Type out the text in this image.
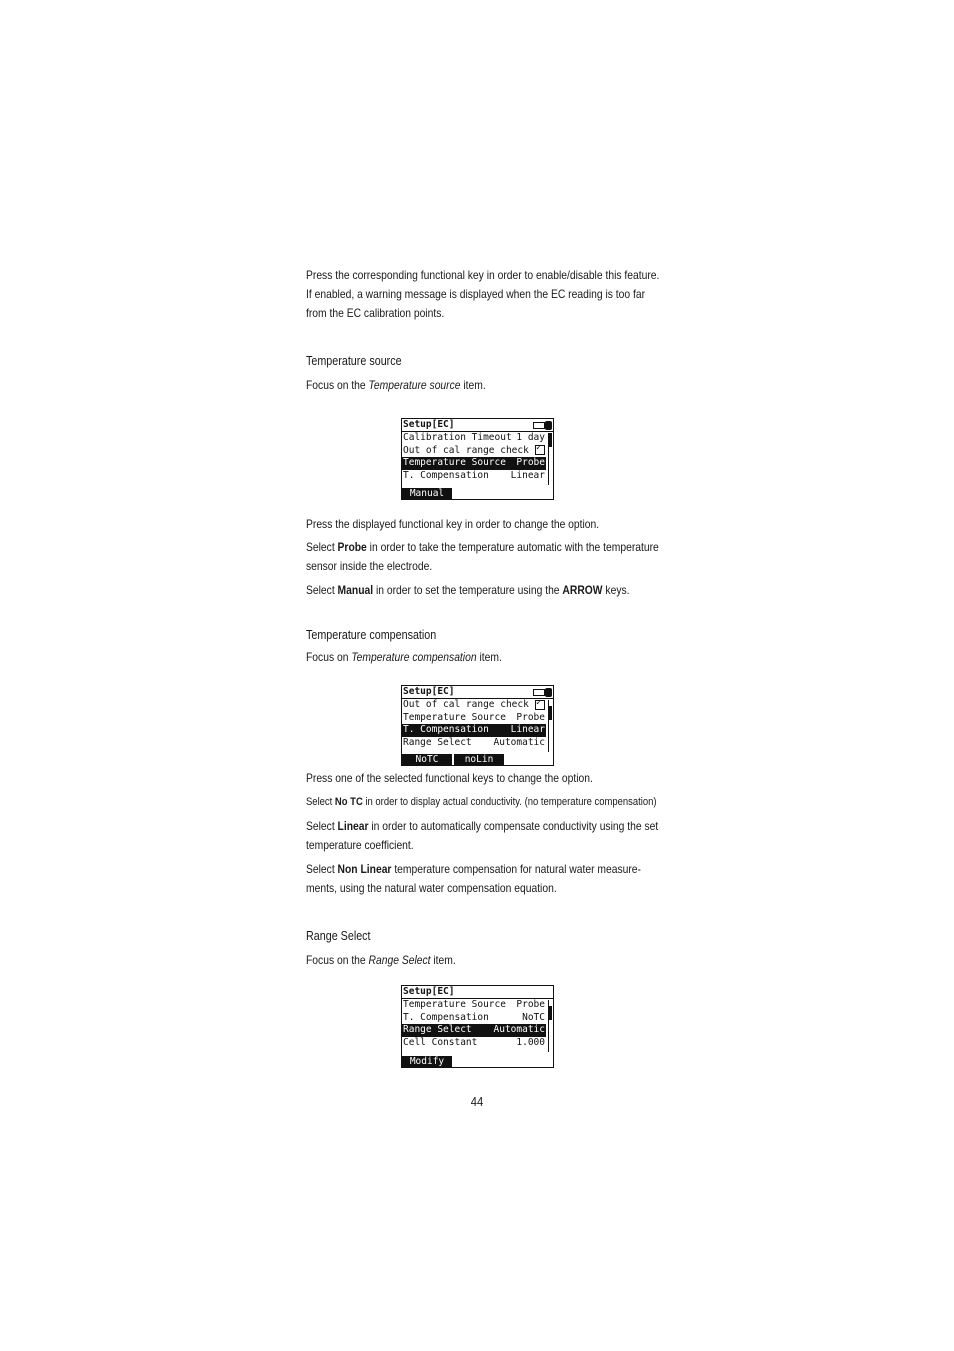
Press the corresponding functional key in order to enable/disable this feature.
If enabled, a warning message is displayed when the EC reading is too far
from the EC calibration points.
Temperature source
Focus on the Temperature source item.
Setup[EC]
Calibration Timeout 1 day
Out of cal range check
✓
Temperature Source Probe
T. Compensation Linear
Manual
Press the displayed functional key in order to change the option.
Select Probe in order to take the temperature automatic with the temperature
sensor inside the electrode.
Select Manual in order to set the temperature using the ARROW keys.
Temperature compensation
Focus on Temperature compensation item.
Setup[EC]
Out of cal range check
✓
Temperature Source Probe
T. Compensation Linear
Range Select Automatic
NoTC	noLin
Press one of the selected functional keys to change the option.
Select No TC in order to display actual conductivity. (no temperature compensation)
Select Linear in order to automatically compensate conductivity using the set
temperature coefficient.
Select Non Linear temperature compensation for natural water measure-
ments, using the natural water compensation equation.
Range Select
Focus on the Range Select item.
Setup[EC]
Temperature Source Probe
T. Compensation	NoTC
Range Select Automatic
Cell Constant	1.000
Modify
44
